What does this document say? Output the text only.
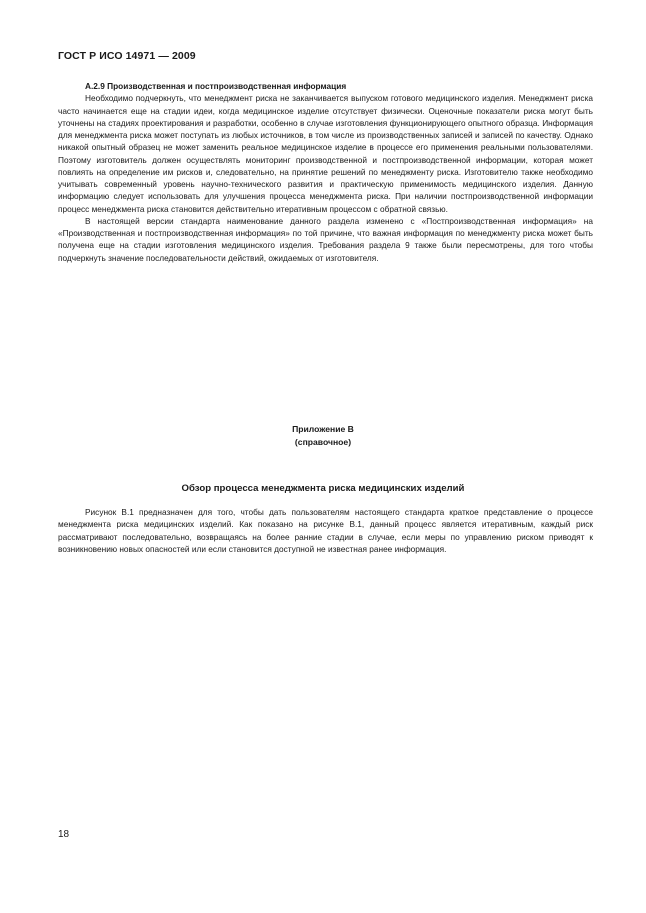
ГОСТ Р ИСО 14971 — 2009

А.2.9 Производственная и постпроизводственная информация

Необходимо подчеркнуть, что менеджмент риска не заканчивается выпуском готового медицинского изделия. Менеджмент риска часто начинается еще на стадии идеи, когда медицинское изделие отсутствует физически. Оценочные показатели риска могут быть уточнены на стадиях проектирования и разработки, особенно в случае изготовления функционирующего опытного образца. Информация для менеджмента риска может поступать из любых источников, в том числе из производственных записей и записей по качеству. Однако никакой опытный образец не может заменить реальное медицинское изделие в процессе его применения реальными пользователями. Поэтому изготовитель должен осуществлять мониторинг производственной и постпроизводственной информации, которая может повлиять на определение им рисков и, следовательно, на принятие решений по менеджменту риска. Изготовителю также необходимо учитывать современный уровень научно-технического развития и практическую применимость медицинского изделия. Данную информацию следует использовать для улучшения процесса менеджмента риска. При наличии постпроизводственной информации процесс менеджмента риска становится действительно итеративным процессом с обратной связью.

В настоящей версии стандарта наименование данного раздела изменено с «Постпроизводственная информация» на «Производственная и постпроизводственная информация» по той причине, что важная информация по менеджменту риска может быть получена еще на стадии изготовления медицинского изделия. Требования раздела 9 также были пересмотрены, для того чтобы подчеркнуть значение последовательности действий, ожидаемых от изготовителя.

Приложение В
(справочное)
Обзор процесса менеджмента риска медицинских изделий

Рисунок В.1 предназначен для того, чтобы дать пользователям настоящего стандарта краткое представление о процессе менеджмента риска медицинских изделий. Как показано на рисунке В.1, данный процесс является итеративным, каждый риск рассматривают последовательно, возвращаясь на более ранние стадии в случае, если меры по управлению риском приводят к возникновению новых опасностей или если становится доступной не известная ранее информация.

18
